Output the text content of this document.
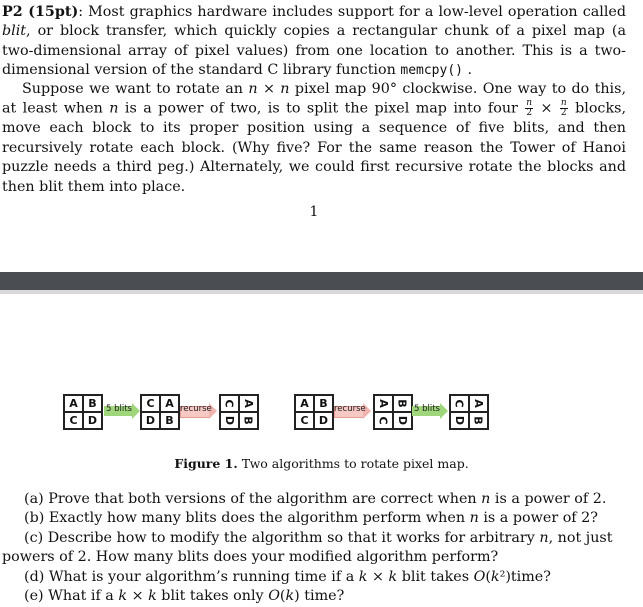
P2 (15pt): Most graphics hardware includes support for a low-level operation called blit, or block transfer, which quickly copies a rectangular chunk of a pixel map (a two-dimensional array of pixel values) from one location to another. This is a two-dimensional version of the standard C library function memcpy() .

Suppose we want to rotate an n × n pixel map 90° clockwise. One way to do this, at least when n is a power of two, is to split the pixel map into four $\frac{n}{2} \times \frac{n}{2}$ blocks, move each block to its proper position using a sequence of five blits, and then recursively rotate each block. (Why five? For the same reason the Tower of Hanoi puzzle needs a third peg.) Alternately, we could first recursive rotate the blocks and then blit them into place.

1
A B
C D
5 blits	C A
D B
recurse
C A
D B
A B
C D
recurse
A B
C D
5 blits
C A
D B
Figure 1. Two algorithms to rotate pixel map.

(a) Prove that both versions of the algorithm are correct when n is a power of 2.

(b) Exactly how many blits does the algorithm perform when n is a power of 2?

(c) Describe how to modify the algorithm so that it works for arbitrary n, not just powers of 2. How many blits does your modified algorithm perform?

(d) What is your algorithm’s running time if a k × k blit takes O(k²)time?

(e) What if a k × k blit takes only O(k) time?
